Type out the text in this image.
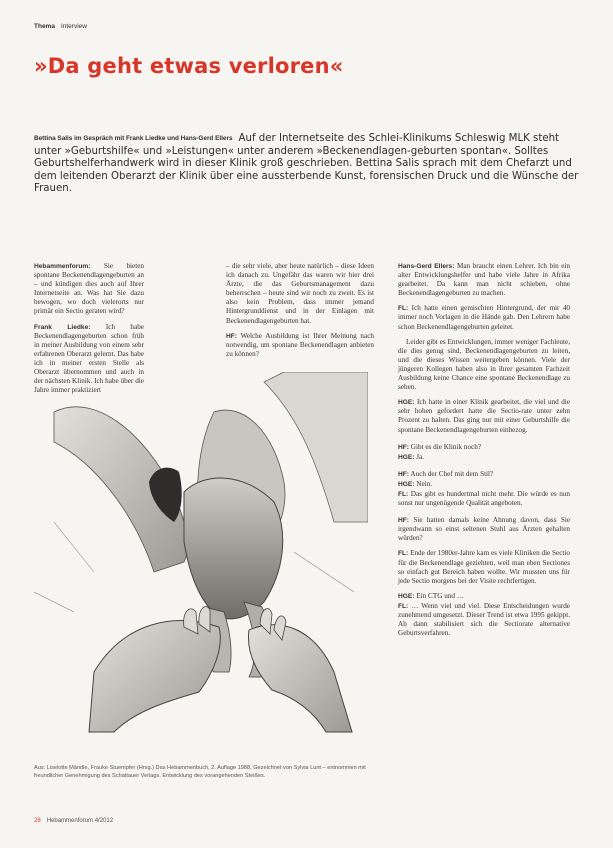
Thema Interview
»Da geht etwas verloren«
Bettina Salis im Gespräch mit Frank Liedke und Hans-Gerd Ellers Auf der Internetseite des Schlei-Klinikums Schleswig MLK steht unter »Geburtshilfe« und »Leistungen« unter anderem »Beckenendlagen-geburten spontan«. Solltes Geburtshelferhandwerk wird in dieser Klinik groß geschrieben. Bettina Salis sprach mit dem Chefarzt und dem leitenden Oberarzt der Klinik über eine aussterbende Kunst, forensischen Druck und die Wünsche der Frauen.

Hebammenforum: Sie bieten spontane Beckenendlagengeburten an – und kündigen dies auch auf Ihrer Internetseite an. Was hat Sie dazu bewogen, wo doch vielerorts nur primär ein Sectio geraten wird?

Frank Liedke: Ich habe Beckenendlagengeburten schon früh in meiner Ausbildung von einem sehr erfahrenen Oberarzt gelernt. Das habe ich in meiner ersten Stelle als Oberarzt übernommen und auch in der nächsten Klinik. Ich habe über die Jahre immer praktiziert

– die sehr viele, aber heute natürlich – diese Ideen ich danach zu. Ungefähr das waren wir hier drei Ärzte, die das Geburtsmanagement dazu beherrschen – heute sind wir noch zu zweit. Es ist also kein Problem, dass immer jemand Hintergrunddienst und in der Einlagen mit Beckenendlagengeburten hat.

HF: Welche Ausbildung ist Ihrer Meinung nach notwendig, um spontane Beckenendlagen anbieten zu können?

Hans-Gerd Ellers: Man braucht einen Lehrer. Ich bin ein alter Entwicklungshelfer und habe viele Jahre in Afrika gearbeitet. Da kann man nicht schieben, ohne Beckenendlagengeburten zu machen.

FL: Ich hatte einen gemischten Hintergrund, der mir 40 immer noch Vorlagen in die Hände gab. Den Lehrern habe schon Beckenendlagengeburten geleitet.

Leider gibt es Entwicklungen, immer weniger Fachleute, die dies genug sind, Beckenendlagengeburten zu leiten, und die dieses Wissen weitergeben können. Viele der jüngeren Kollegen haben also in ihrer gesamten Fachzeit Ausbildung keine Chance eine spontane Beckenendlage zu sehen.

HGE: Ich hatte in einer Klinik gearbeitet, die viel und die sehr hohen gefordert hatte die Sectio-rate unter zehn Prozent zu halten. Das ging nur mit einer Geburtshilfe die spontane Beckenendlagengeburten einbezog.

HF: Gibt es die Klinik noch?

HGE: Ja.

HF: Auch der Chef mit dem Stil?

HGE: Nein.

FL: Das gibt es hundertmal nicht mehr. Die würde es nun sonst nur ungenügende Qualität angeboten.

HF: Sie hatten damals keine Ahnung davon, dass Sie irgendwann so einst seltenen Stuhl aus Ärzten gehalten würden?

FL: Ende der 1980er-Jahre kam es viele Kliniken die Sectio für die Beckenendlage geziehten, weil man eben Sectiones so einfach gut Bereich haben wollte. Wir mussten uns für jede Sectio morgens bei der Visite rechtfertigen.

HGE: Ein CTG und …

FL: … Wenn viel und viel. Diese Entscheidungen wurde zunehmend umgesetzt. Dieser Trend ist etwa 1995 gekippt. Ab dann stabilisiert sich die Sectiorate alternative Geburtsverfahren.

Aus: Liselotte Mändle, Frauke Stuempfer (Hrsg.) Das Hebammenbuch, 2. Auflage 1988, Gezeichnet von Sylvia Lunt – entnommen mit freundlicher Genehmigung des Schattauer Verlags. Entwicklung des vorangehenden Steißes.
28 Hebammenforum 4/2012
